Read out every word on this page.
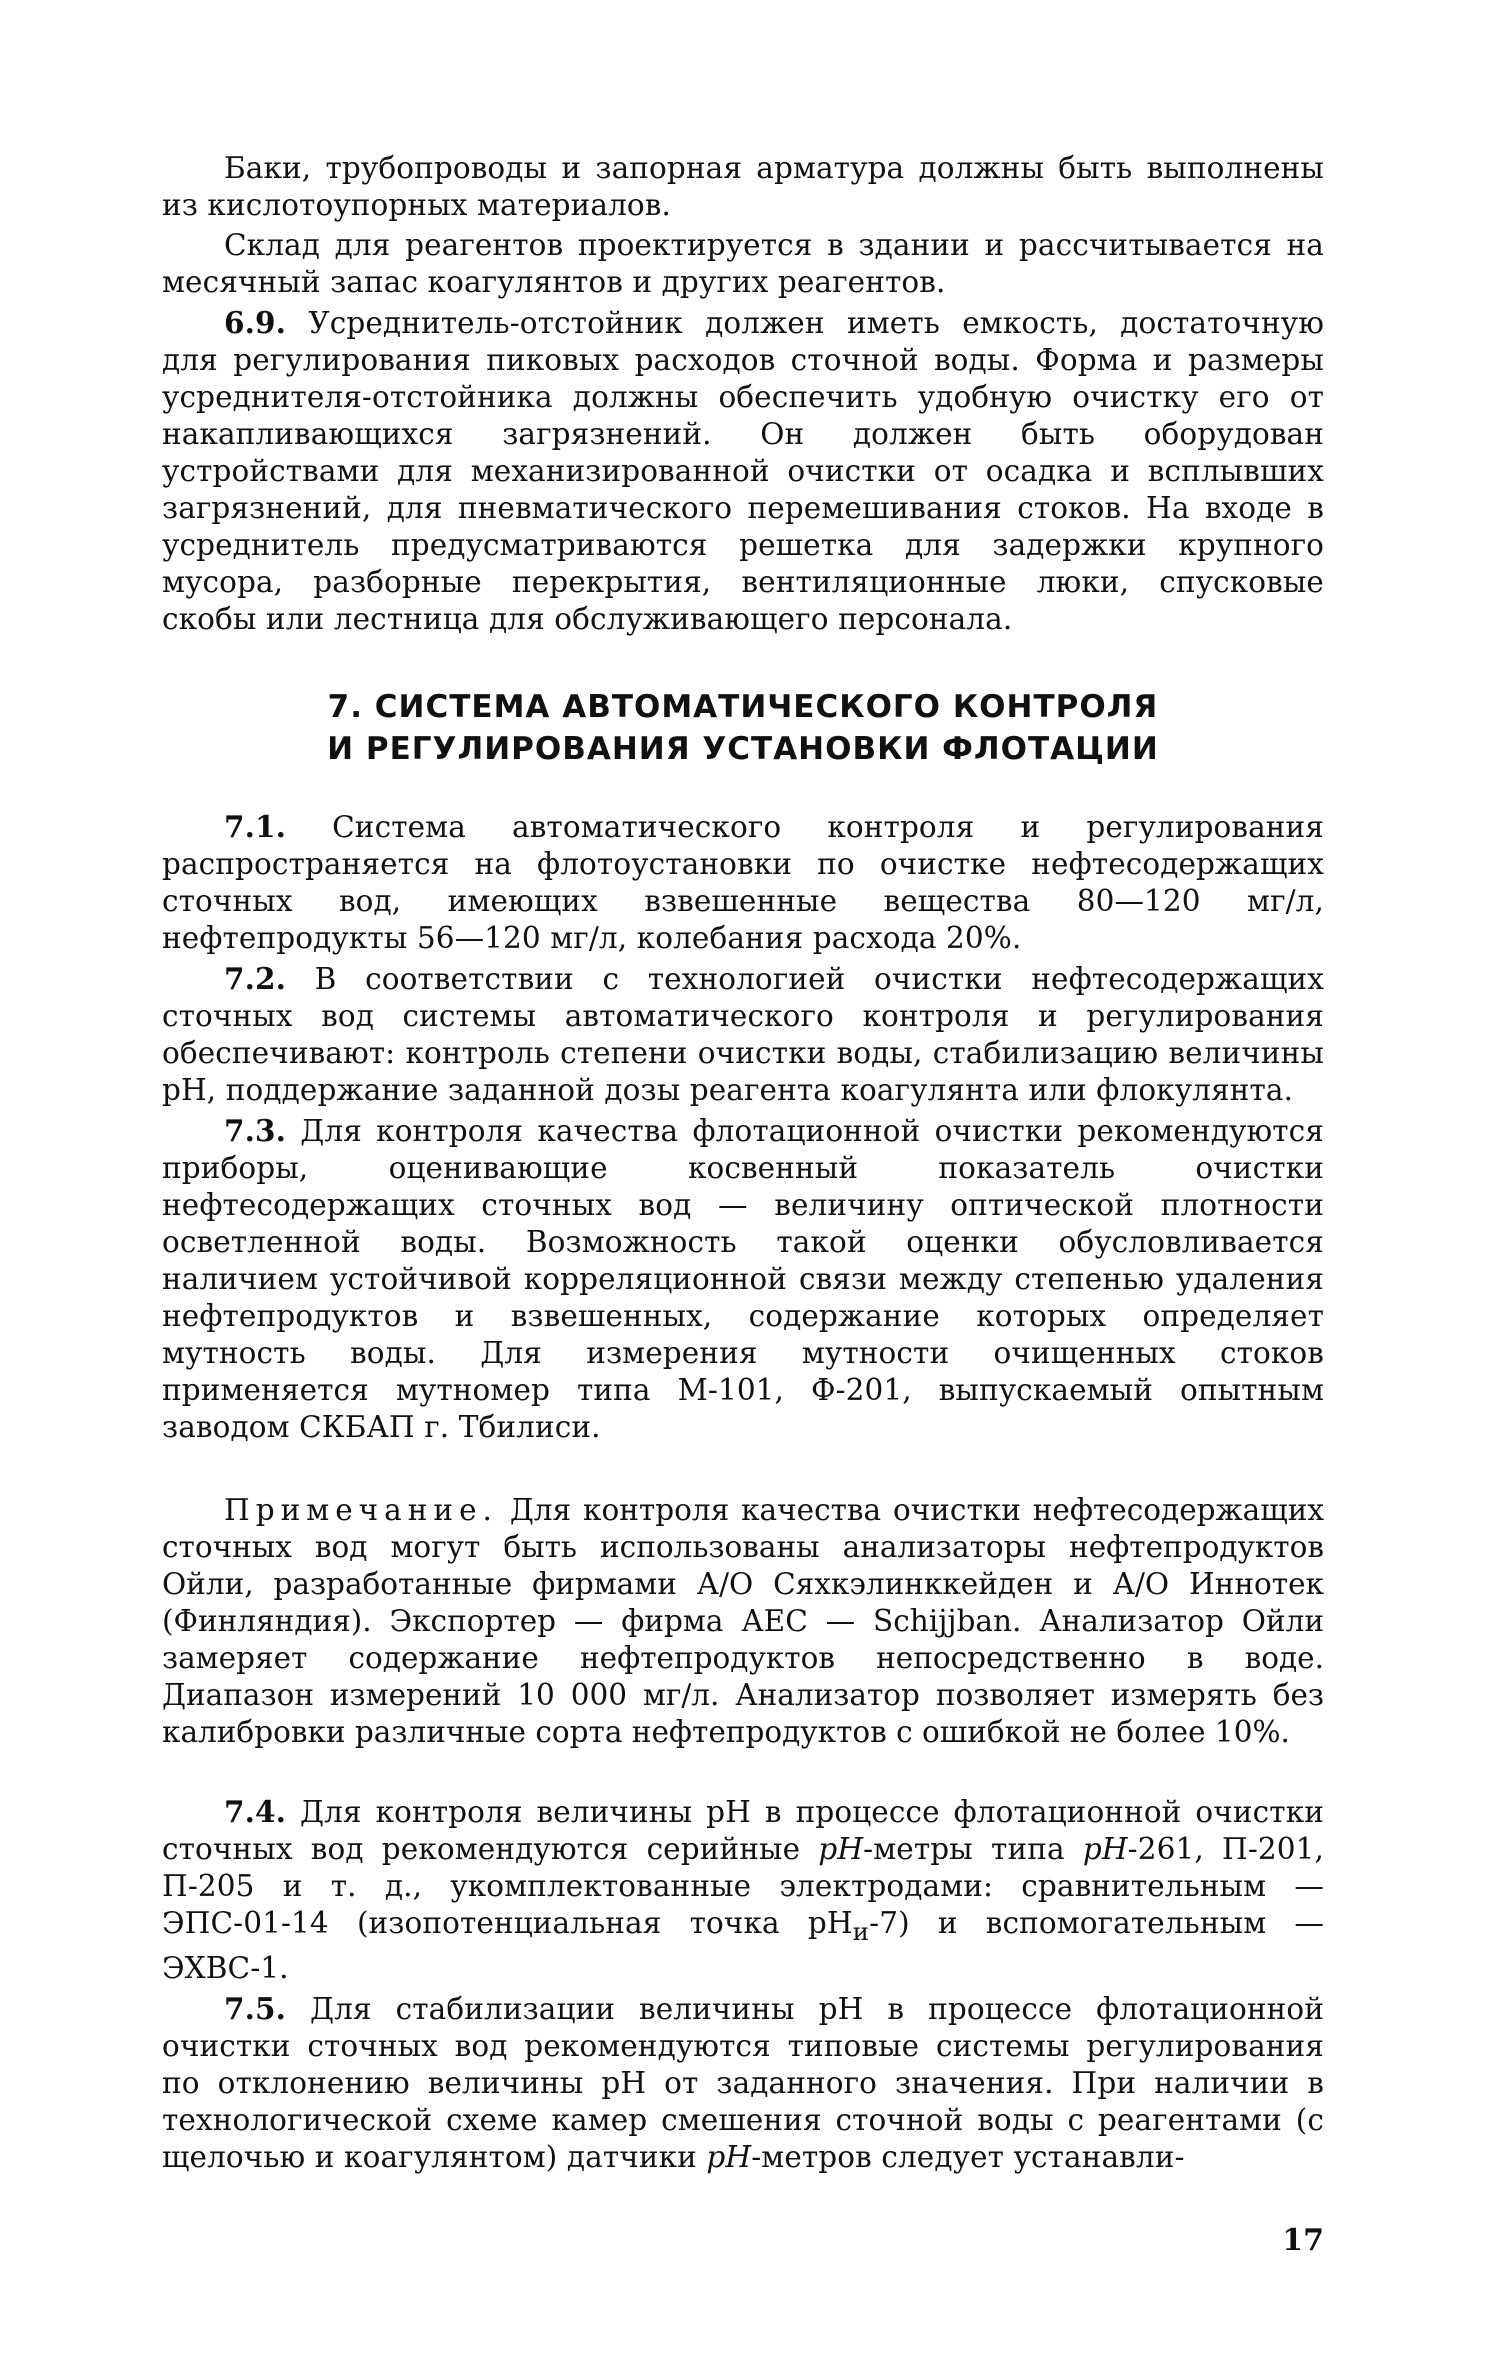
Баки, трубопроводы и запорная арматура должны быть выполнены из кислотоупорных материалов.

Склад для реагентов проектируется в здании и рассчитывается на месячный запас коагулянтов и других реагентов.

6.9. Усреднитель-отстойник должен иметь емкость, достаточную для регулирования пиковых расходов сточной воды. Форма и размеры усреднителя-отстойника должны обеспечить удобную очистку его от накапливающихся загрязнений. Он должен быть оборудован устройствами для механизированной очистки от осадка и всплывших загрязнений, для пневматического перемешивания стоков. На входе в усреднитель предусматриваются решетка для задержки крупного мусора, разборные перекрытия, вентиляционные люки, спусковые скобы или лестница для обслуживающего персонала.

7. СИСТЕМА АВТОМАТИЧЕСКОГО КОНТРОЛЯ
И РЕГУЛИРОВАНИЯ УСТАНОВКИ ФЛОТАЦИИ

7.1. Система автоматического контроля и регулирования распространяется на флотоустановки по очистке нефтесодержащих сточных вод, имеющих взвешенные вещества 80—120 мг/л, нефтепродукты 56—120 мг/л, колебания расхода 20%.

7.2. В соответствии с технологией очистки нефтесодержащих сточных вод системы автоматического контроля и регулирования обеспечивают: контроль степени очистки воды, стабилизацию величины рН, поддержание заданной дозы реагента коагулянта или флокулянта.

7.3. Для контроля качества флотационной очистки рекомендуются приборы, оценивающие косвенный показатель очистки нефтесодержащих сточных вод — величину оптической плотности осветленной воды. Возможность такой оценки обусловливается наличием устойчивой корреляционной связи между степенью удаления нефтепродуктов и взвешенных, содержание которых определяет мутность воды. Для измерения мутности очищенных стоков применяется мутномер типа М-101, Ф-201, выпускаемый опытным заводом СКБАП г. Тбилиси.

Примечание. Для контроля качества очистки нефтесодержащих сточных вод могут быть использованы анализаторы нефтепродуктов Ойли, разработанные фирмами А/О Сяхкэлинккейден и А/О Иннотек (Финляндия). Экспортер — фирма АЕС — Schijjban. Анализатор Ойли замеряет содержание нефтепродуктов непосредственно в воде. Диапазон измерений 10 000 мг/л. Анализатор позволяет измерять без калибровки различные сорта нефтепродуктов с ошибкой не более 10%.

7.4. Для контроля величины рН в процессе флотационной очистки сточных вод рекомендуются серийные pH-метры типа pH-261, П-201, П-205 и т. д., укомплектованные электродами: сравнительным — ЭПС-01-14 (изопотенциальная точка $рН_и-7$) и вспомогательным — ЭХВС-1.

7.5. Для стабилизации величины рН в процессе флотационной очистки сточных вод рекомендуются типовые системы регулирования по отклонению величины рН от заданного значения. При наличии в технологической схеме камер смешения сточной воды с реагентами (с щелочью и коагулянтом) датчики pH-метров следует устанавли-

17
